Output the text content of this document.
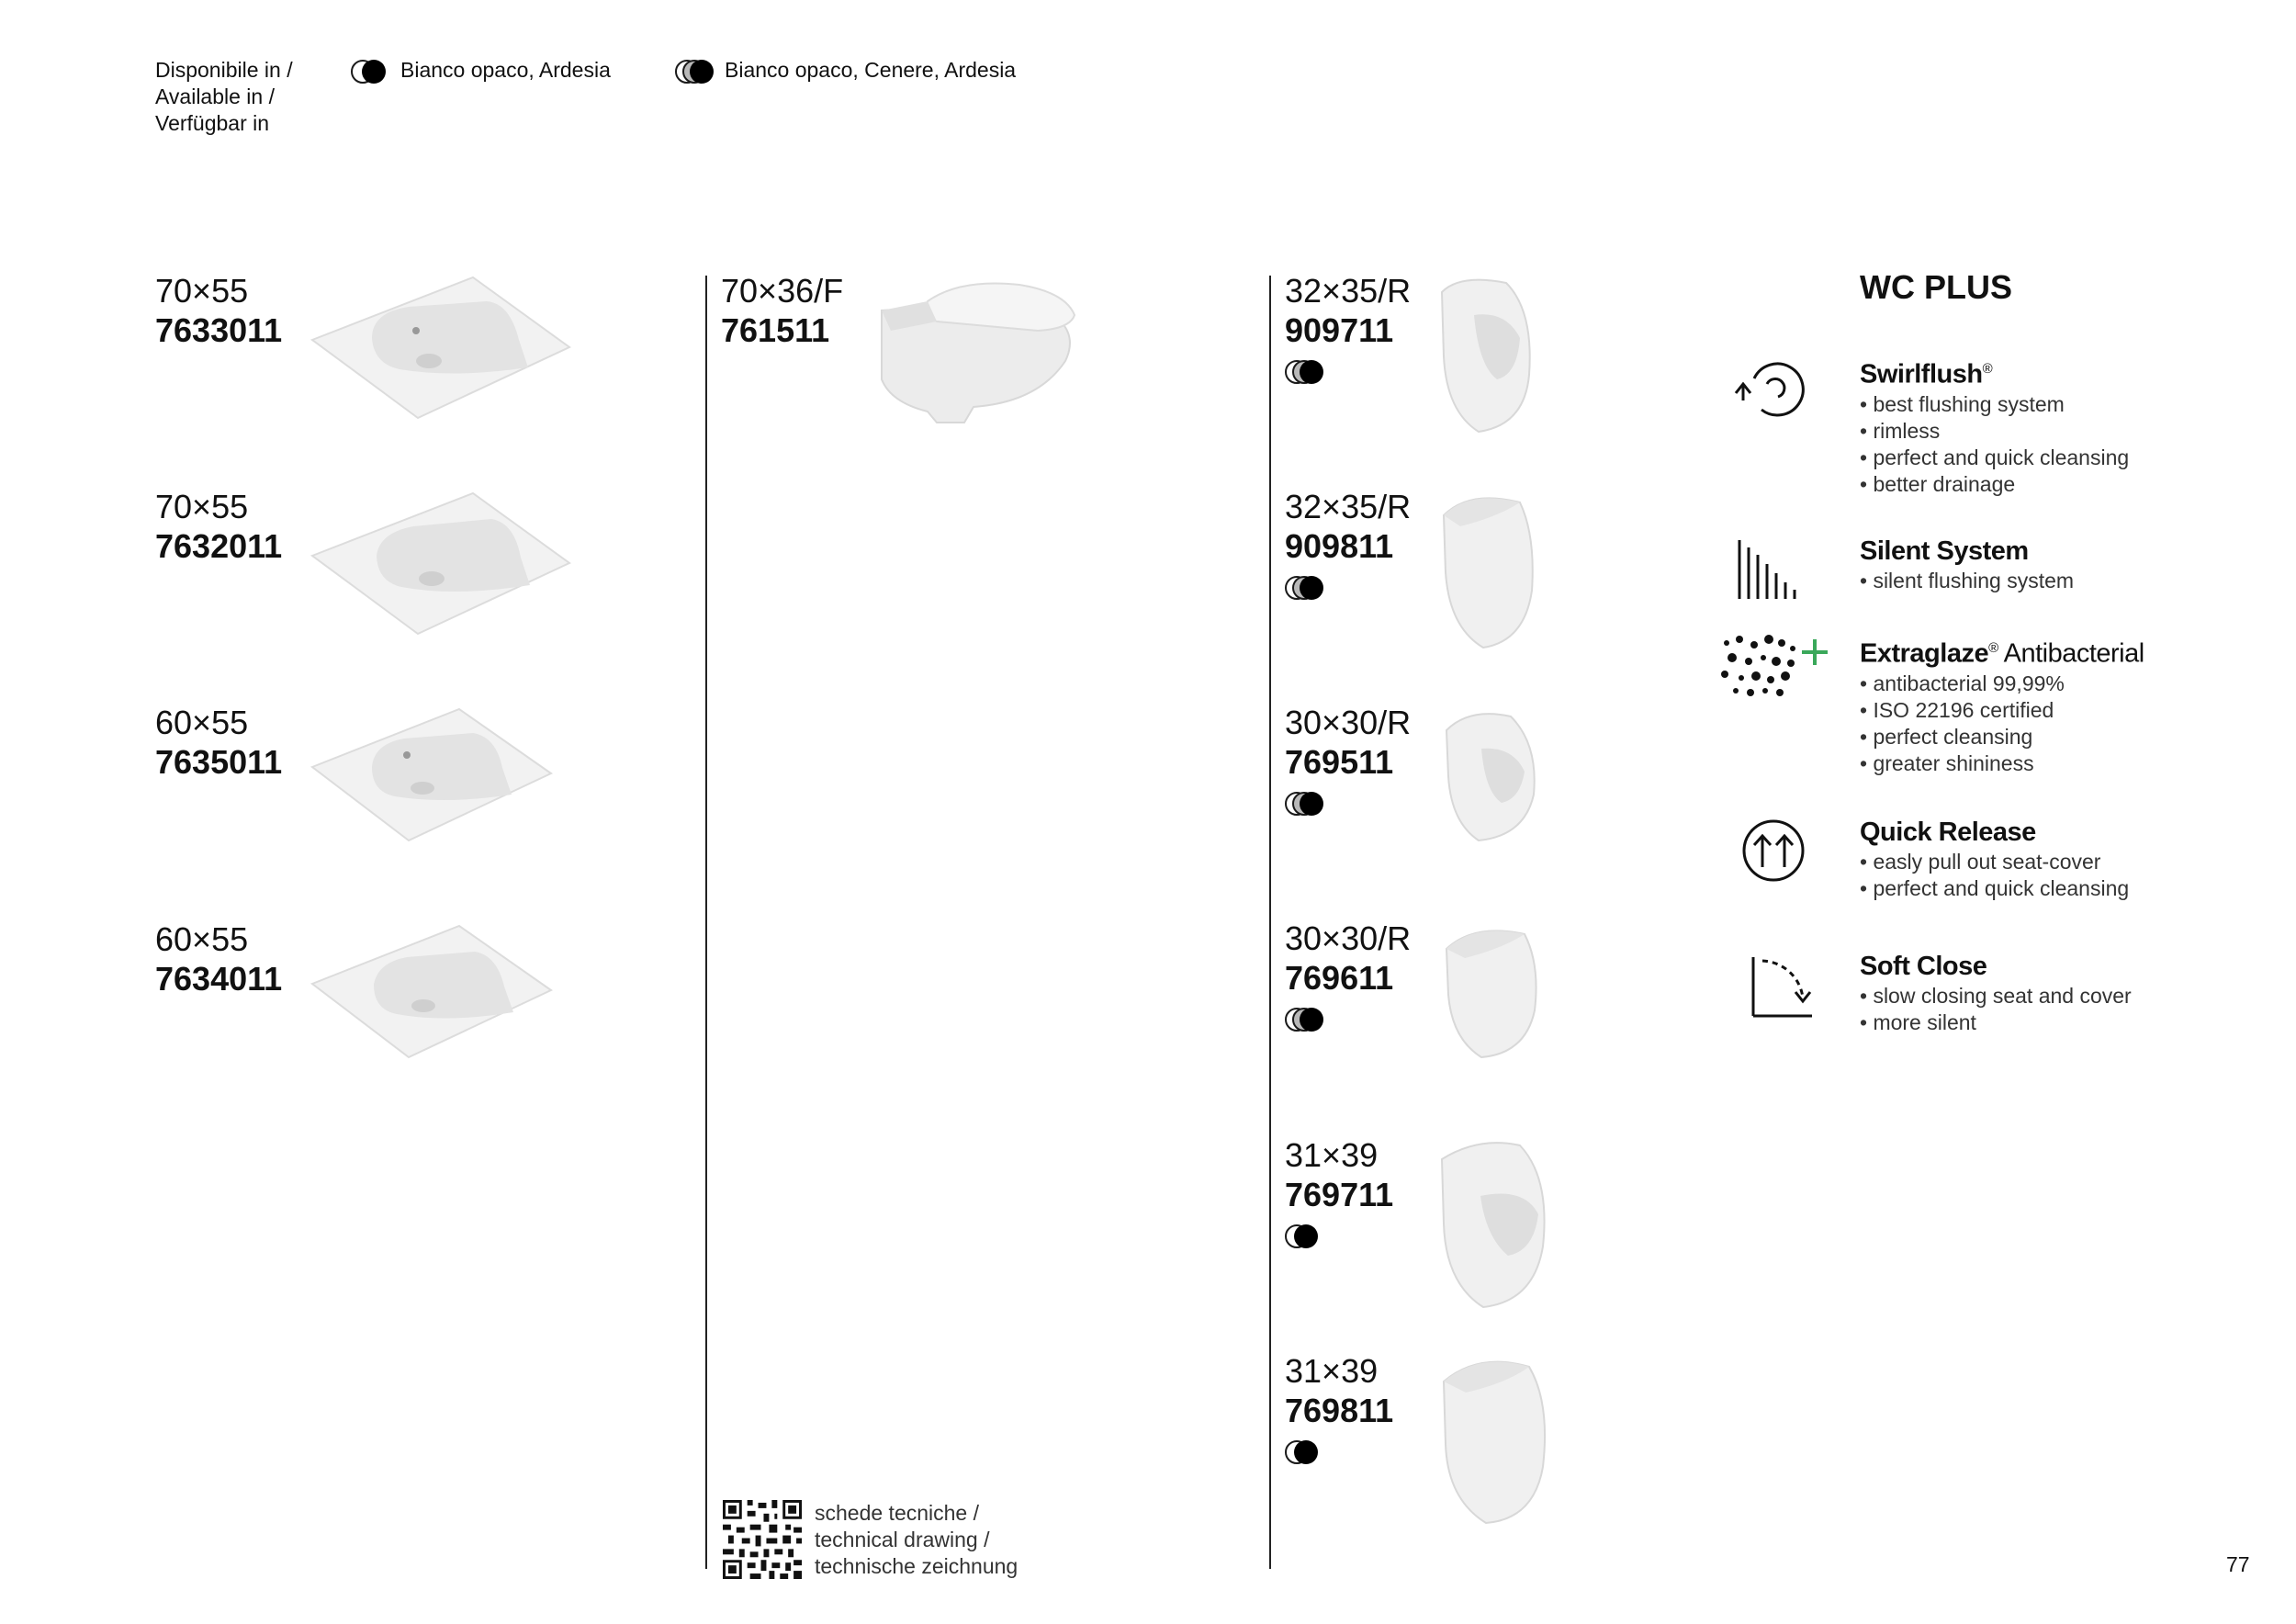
Disponibile in /
Available in /
Verfügbar in
Bianco opaco, Ardesia	Bianco opaco, Cenere, Ardesia
70×55
7633011
70×55
7632011
60×55
7635011
60×55
7634011
70×36/F
761511
32×35/R
909711
32×35/R
909811
30×30/R
769511
30×30/R
769611
31×39
769711
31×39
769811
WC PLUS
Swirlflush®
• best flushing system
• rimless
• perfect and quick cleansing
• better drainage
Silent System
• silent flushing system
Extraglaze® Antibacterial
• antibacterial 99,99%
• ISO 22196 certified
• perfect cleansing
• greater shininess
Quick Release
• easly pull out seat-cover
• perfect and quick cleansing
Soft Close
• slow closing seat and cover
• more silent
schede tecniche /
technical drawing /
technische zeichnung	77
